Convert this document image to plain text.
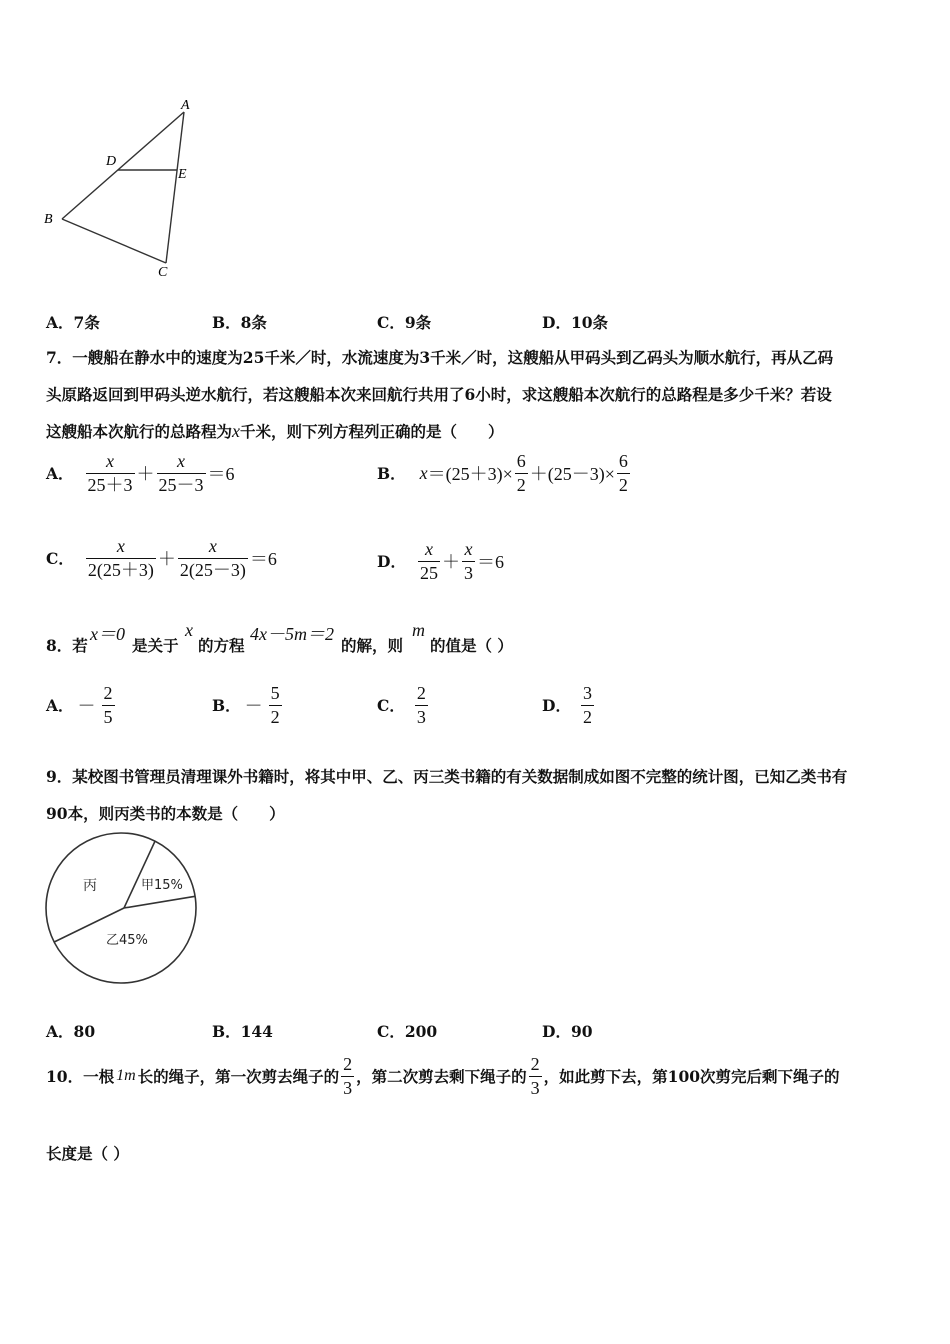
A
D
E
B
C
A．7条	B．8条	C．9条	D．10条
7．一艘船在静水中的速度为25千米／时，水流速度为3千米／时，这艘船从甲码头到乙码头为顺水航行，再从乙码
头原路返回到甲码头逆水航行，若这艘船本次来回航行共用了6小时，求这艘船本次航行的总路程是多少千米？若设
这艘船本次航行的总路程为x千米，则下列方程列正确的是（　　）
A． $\frac{x}{25+3} + \frac{x}{25-3} =6$	B． $x =(25+3)\times \frac{6}{2} +(25-3)\times \frac{6}{2}$
C． $\frac{x}{2(25+3)} + \frac{x}{2(25-3)} =6$	D． $\frac{x}{25} + \frac{x}{3} =6$
8．若
x＝0
是关于
x
的方程
4x－5m＝2
的解，则
m
的值是（ ）
A． － $\frac{2}{5}$	B． － $\frac{5}{2}$	C． $\frac{2}{3}$	D． $\frac{3}{2}$
9．某校图书管理员清理课外书籍时，将其中甲、乙、丙三类书籍的有关数据制成如图不完整的统计图，已知乙类书有
90本，则丙类书的本数是（　　）
丙	甲15%
乙45%
A．80	B．144	C．200	D．90
10．一根 1m 长的绳子，第一次剪去绳子的 $\frac{2}{3}$ ，第二次剪去剩下绳子的 $\frac{2}{3}$ ，如此剪下去，第100次剪完后剩下绳子的
长度是（ ）
